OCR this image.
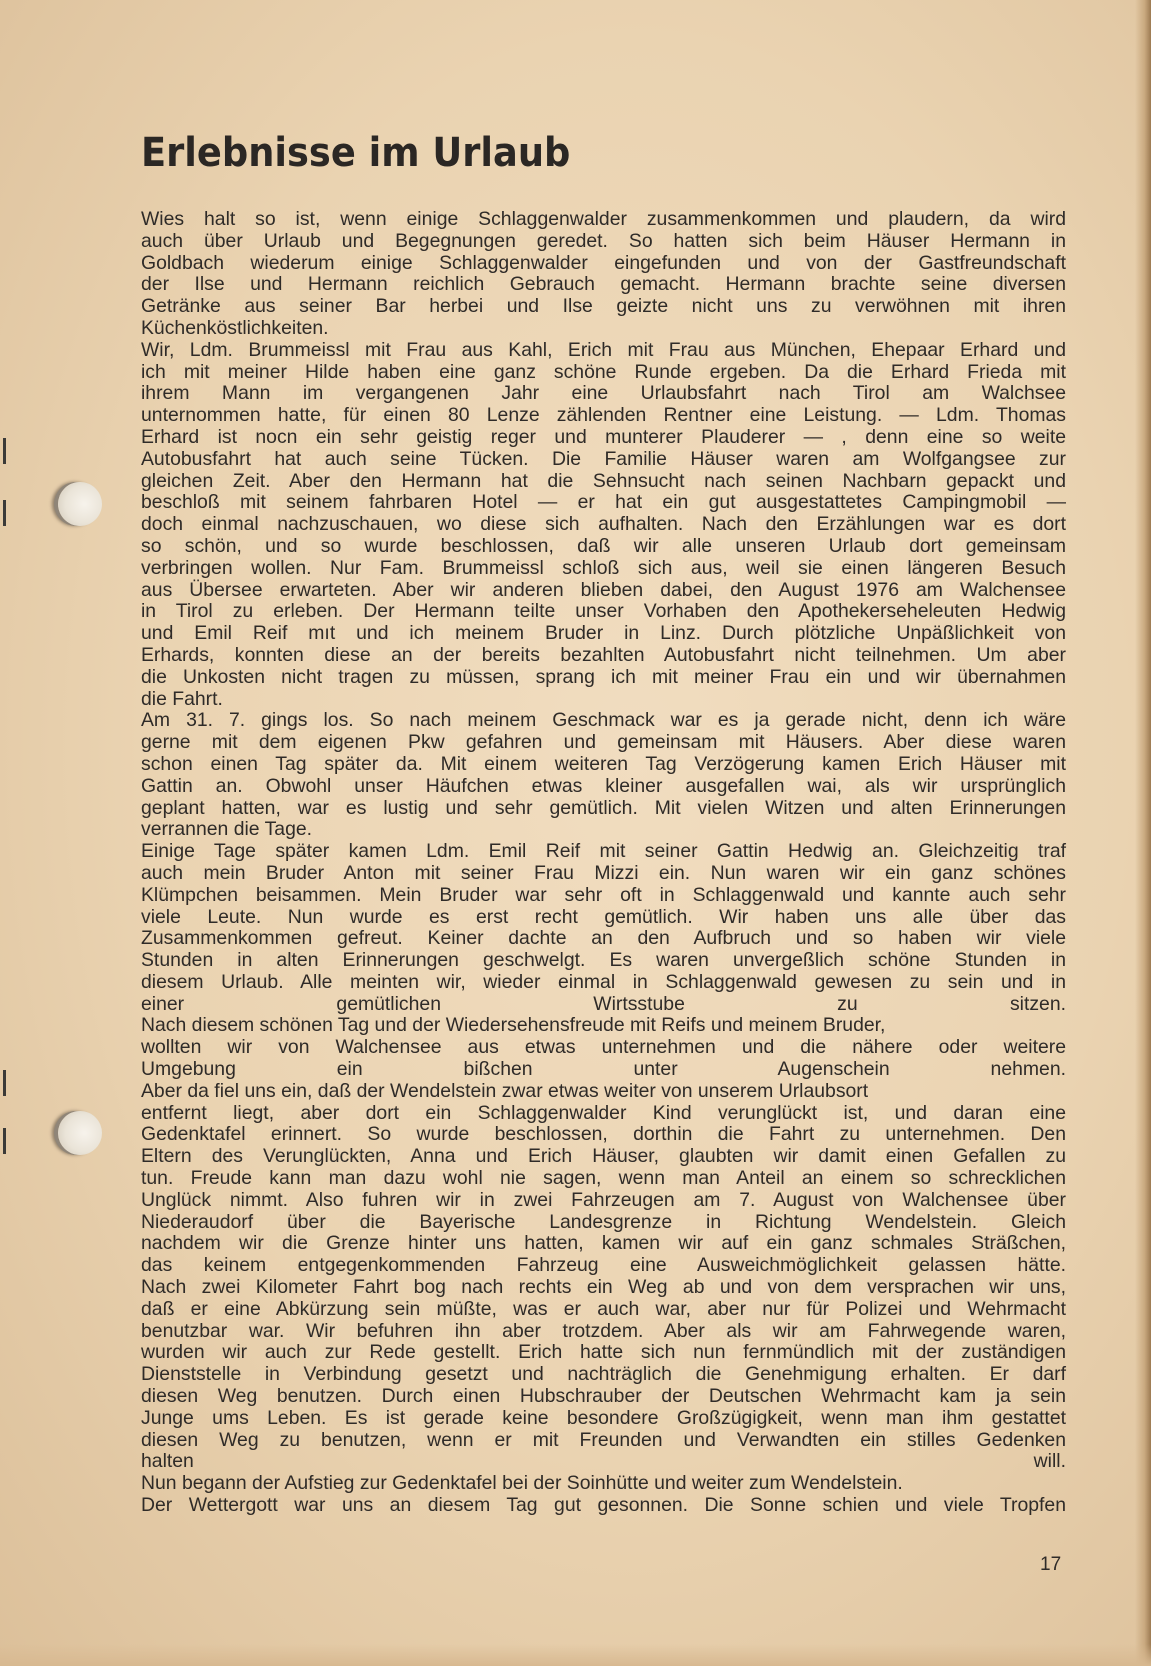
Erlebnisse im Urlaub
Wies halt so ist, wenn einige Schlaggenwalder zusammenkommen und plaudern, da wird
auch über Urlaub und Begegnungen geredet. So hatten sich beim Häuser Hermann in
Goldbach wiederum einige Schlaggenwalder eingefunden und von der Gastfreundschaft
der Ilse und Hermann reichlich Gebrauch gemacht. Hermann brachte seine diversen
Getränke aus seiner Bar herbei und Ilse geizte nicht uns zu verwöhnen mit ihren
Küchenköstlichkeiten.
Wir, Ldm. Brummeissl mit Frau aus Kahl, Erich mit Frau aus München, Ehepaar Erhard und
ich mit meiner Hilde haben eine ganz schöne Runde ergeben. Da die Erhard Frieda mit
ihrem Mann im vergangenen Jahr eine Urlaubsfahrt nach Tirol am Walchsee
unternommen hatte, für einen 80 Lenze zählenden Rentner eine Leistung. — Ldm. Thomas
Erhard ist nocn ein sehr geistig reger und munterer Plauderer — , denn eine so weite
Autobusfahrt hat auch seine Tücken. Die Familie Häuser waren am Wolfgangsee zur
gleichen Zeit. Aber den Hermann hat die Sehnsucht nach seinen Nachbarn gepackt und
beschloß mit seinem fahrbaren Hotel — er hat ein gut ausgestattetes Campingmobil —
doch einmal nachzuschauen, wo diese sich aufhalten. Nach den Erzählungen war es dort
so schön, und so wurde beschlossen, daß wir alle unseren Urlaub dort gemeinsam
verbringen wollen. Nur Fam. Brummeissl schloß sich aus, weil sie einen längeren Besuch
aus Übersee erwarteten. Aber wir anderen blieben dabei, den August 1976 am Walchensee
in Tirol zu erleben. Der Hermann teilte unser Vorhaben den Apothekerseheleuten Hedwig
und Emil Reif mıt und ich meinem Bruder in Linz. Durch plötzliche Unpäßlichkeit von
Erhards, konnten diese an der bereits bezahlten Autobusfahrt nicht teilnehmen. Um aber
die Unkosten nicht tragen zu müssen, sprang ich mit meiner Frau ein und wir übernahmen
die Fahrt.
Am 31. 7. gings los. So nach meinem Geschmack war es ja gerade nicht, denn ich wäre
gerne mit dem eigenen Pkw gefahren und gemeinsam mit Häusers. Aber diese waren
schon einen Tag später da. Mit einem weiteren Tag Verzögerung kamen Erich Häuser mit
Gattin an. Obwohl unser Häufchen etwas kleiner ausgefallen wai, als wir ursprünglich
geplant hatten, war es lustig und sehr gemütlich. Mit vielen Witzen und alten Erinnerungen
verrannen die Tage.
Einige Tage später kamen Ldm. Emil Reif mit seiner Gattin Hedwig an. Gleichzeitig traf
auch mein Bruder Anton mit seiner Frau Mizzi ein. Nun waren wir ein ganz schönes
Klümpchen beisammen. Mein Bruder war sehr oft in Schlaggenwald und kannte auch sehr
viele Leute. Nun wurde es erst recht gemütlich. Wir haben uns alle über das
Zusammenkommen gefreut. Keiner dachte an den Aufbruch und so haben wir viele
Stunden in alten Erinnerungen geschwelgt. Es waren unvergeßlich schöne Stunden in
diesem Urlaub. Alle meinten wir, wieder einmal in Schlaggenwald gewesen zu sein und in
einer gemütlichen Wirtsstube zu sitzen.
Nach diesem schönen Tag und der Wiedersehensfreude mit Reifs und meinem Bruder,
wollten wir von Walchensee aus etwas unternehmen und die nähere oder weitere
Umgebung ein bißchen unter Augenschein nehmen.
Aber da fiel uns ein, daß der Wendelstein zwar etwas weiter von unserem Urlaubsort
entfernt liegt, aber dort ein Schlaggenwalder Kind verunglückt ist, und daran eine
Gedenktafel erinnert. So wurde beschlossen, dorthin die Fahrt zu unternehmen. Den
Eltern des Verunglückten, Anna und Erich Häuser, glaubten wir damit einen Gefallen zu
tun. Freude kann man dazu wohl nie sagen, wenn man Anteil an einem so schrecklichen
Unglück nimmt. Also fuhren wir in zwei Fahrzeugen am 7. August von Walchensee über
Niederaudorf über die Bayerische Landesgrenze in Richtung Wendelstein. Gleich
nachdem wir die Grenze hinter uns hatten, kamen wir auf ein ganz schmales Sträßchen,
das keinem entgegenkommenden Fahrzeug eine Ausweichmöglichkeit gelassen hätte.
Nach zwei Kilometer Fahrt bog nach rechts ein Weg ab und von dem versprachen wir uns,
daß er eine Abkürzung sein müßte, was er auch war, aber nur für Polizei und Wehrmacht
benutzbar war. Wir befuhren ihn aber trotzdem. Aber als wir am Fahrwegende waren,
wurden wir auch zur Rede gestellt. Erich hatte sich nun fernmündlich mit der zuständigen
Dienststelle in Verbindung gesetzt und nachträglich die Genehmigung erhalten. Er darf
diesen Weg benutzen. Durch einen Hubschrauber der Deutschen Wehrmacht kam ja sein
Junge ums Leben. Es ist gerade keine besondere Großzügigkeit, wenn man ihm gestattet
diesen Weg zu benutzen, wenn er mit Freunden und Verwandten ein stilles Gedenken
halten will.
Nun begann der Aufstieg zur Gedenktafel bei der Soinhütte und weiter zum Wendelstein.
Der Wettergott war uns an diesem Tag gut gesonnen. Die Sonne schien und viele Tropfen
17
